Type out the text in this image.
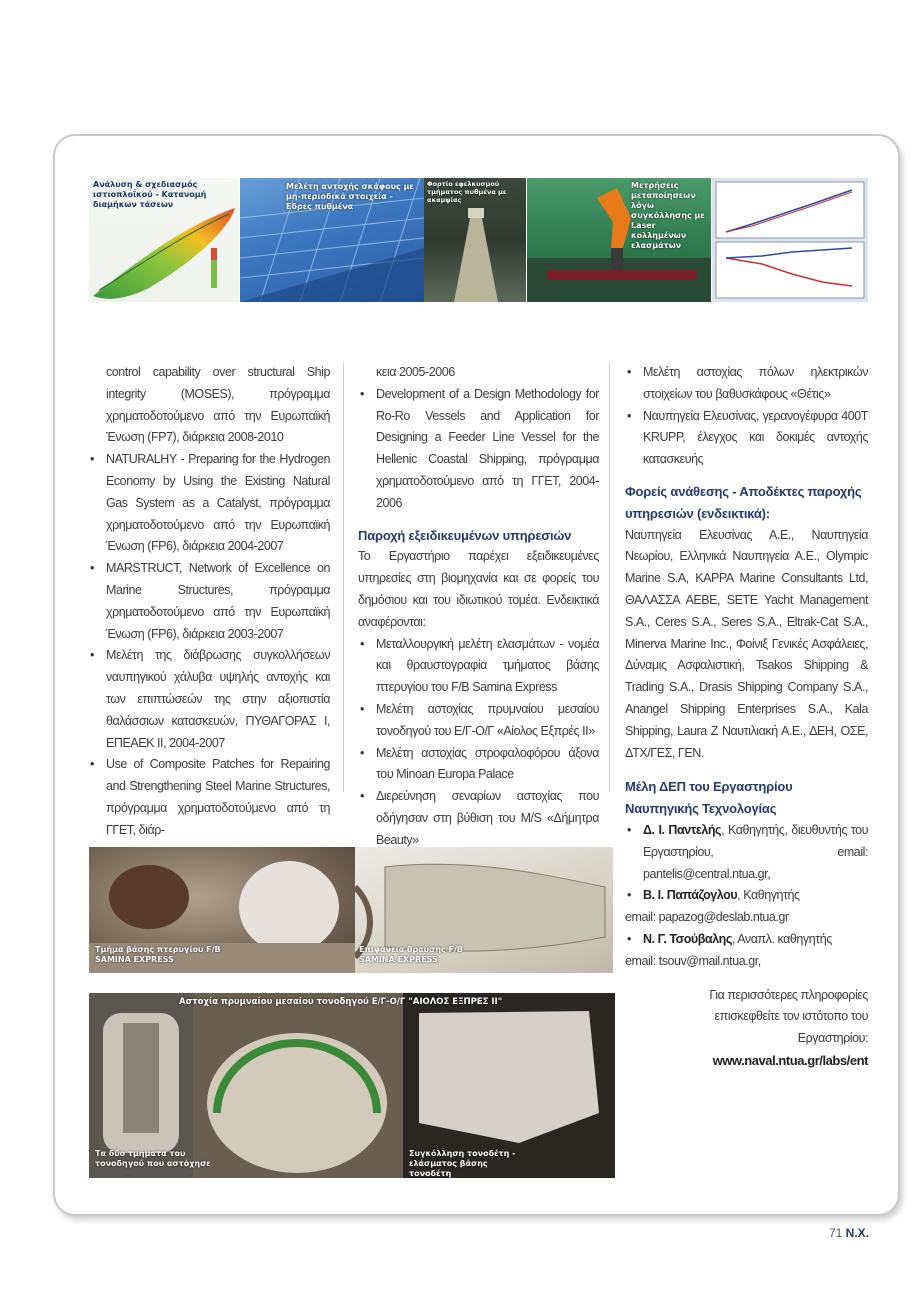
Ανάλυση & σχεδιασμός ιστιοπλοΐκού - Κατανομή διαμήκων τάσεων
Μελέτη αντοχής σκάφους με μη-περιοδικά στοιχεία - Εδρες πυθμένα
Φορτίο εφελκυσμού τμήματος πυθμένα με ακαμψίας
Μετρήσεις μεταποίησεων λόγω συγκόλλησης με Laser κολλημένων ελασμάτων

control capability over structural Ship integrity (MOSES), πρόγραμμα χρηματοδοτούμενο από την Ευρωπαϊκή Ένωση (FP7), διάρκεια 2008-2010

• NATURALHY - Preparing for the Hydrogen Economy by Using the Existing Natural Gas System as a Catalyst, πρόγραμμα χρηματοδοτούμενο από την Ευρωπαϊκή Ένωση (FP6), διάρκεια 2004-2007
• MARSTRUCT, Network of Excellence on Marine Structures, πρόγραμμα χρηματοδοτούμενο από την Ευρωπαϊκή Ένωση (FP6), διάρκεια 2003-2007
• Μελέτη της διάβρωσης συγκολλήσεων ναυπηγικού χάλυβα υψηλής αντοχής και των επιπτώσεών της στην αξιοπιστία θαλάσσιων κατασκευών, ΠΥΘΑΓΟΡΑΣ Ι, ΕΠΕΑΕΚ ΙΙ, 2004-2007
• Use of Composite Patches for Repairing and Strengthening Steel Marine Structures, πρόγραμμα χρηματοδοτούμενο από τη ΓΓΕΤ, διάρ-

κεια 2005-2006

• Development of a Design Methodology for Ro-Ro Vessels and Application for Designing a Feeder Line Vessel for the Hellenic Coastal Shipping, πρόγραμμα χρηματοδοτούμενο από τη ΓΓΕΤ, 2004-2006
Παροχή εξειδικευμένων υπηρεσιών

Το Εργαστήριο παρέχει εξειδικευμένες υπηρεσίες στη βιομηχανία και σε φορείς του δημόσιου και του ιδιωτικού τομέα. Ενδεικτικά αναφέρονται:

• Μεταλλουργική μελέτη ελασμάτων - νομέα και θραυστογραφία τμήματος βάσης πτερυγίου του F/B Samina Express
• Μελέτη αστοχίας πρυμναίου μεσαίου τονοδηγού του Ε/Γ-Ο/Γ «Αίολος Εξπρές ΙΙ»
• Μελέτη αστοχίας στροφαλοφόρου άξονα του Minoan Europa Palace
• Διερεύνηση σεναρίων αστοχίας που οδήγησαν στη βύθιση του M/S «Δήμητρα Beauty»
• Μελέτη αστοχίας πόλων ηλεκτρικών στοιχείων του βαθυσκάφους «Θέτις»
• Ναυπηγεία Ελευσίνας, γερανογέφυρα 400Τ KRUPP, έλεγχος και δοκιμές αντοχής κατασκευής
Φορείς ανάθεσης - Αποδέκτες παροχής υπηρεσιών (ενδεικτικά):

Ναυπηγεία Ελευσίνας Α.Ε., Ναυπηγεία Νεωρίου, Ελληνικά Ναυπηγεία Α.Ε., Olympic Marine S.A, KAPPA Marine Consultants Ltd, ΘΑΛΑΣΣΑ ΑΕΒΕ, SETE Yacht Management S.A., Ceres S.A., Seres S.A., Eltrak-Cat S.A., Minerva Marine Inc., Φοίνιξ Γενικές Ασφάλειες, Δύναμις Ασφαλιστική, Tsakos Shipping & Trading S.A., Drasis Shipping Company S.A., Anangel Shipping Enterprises S.A., Kala Shipping, Laura Z Ναυτιλιακή Α.Ε., ΔΕΗ, ΟΣΕ, ΔΤΧ/ΓΕΣ, ΓΕΝ.

Μέλη ΔΕΠ του Εργαστηρίου Ναυπηγικής Τεχνολογίας
• Δ. Ι. Παντελής, Καθηγητής, διευθυντής του Εργαστηρίου, email: pantelis@central.ntua.gr,
• Β. Ι. Παπάζογλου, Καθηγητής

email: papazog@deslab.ntua.gr

• Ν. Γ. Τσούβαλης, Αναπλ. καθηγητής

email: tsouv@mail.ntua.gr,

Για περισσότερες πληροφορίες επισκεφθείτε τον ιστότοπο του Εργαστηρίου:

www.naval.ntua.gr/labs/ent

Τμήμα βάσης πτερυγίου F/B SAMINA EXPRESS
Επιφάνεια θραύσης F/B SAMINA EXPRESS
Αστοχία πρυμναίου μεσαίου τονοδηγού Ε/Γ-Ο/Γ "ΑΙΟΛΟΣ ΕΞΠΡΕΣ ΙΙ"
Τα δύο τμήματα του τονοδηγού που αστόχησε
Συγκόλληση τονοδέτη - ελάσματος βάσης τονοδέτη
71 N.X.
